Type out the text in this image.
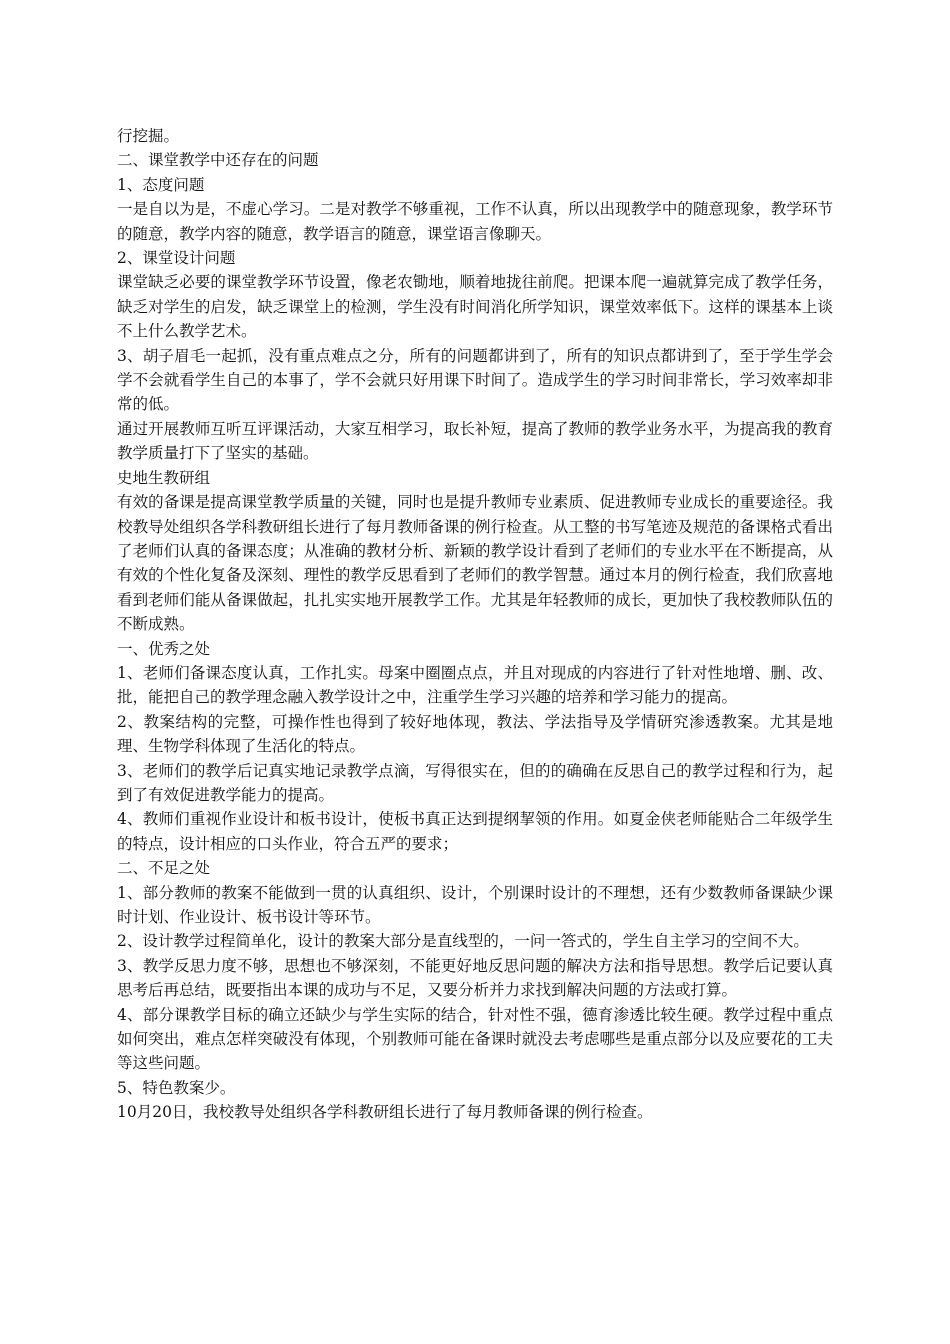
行挖掘。

二、课堂教学中还存在的问题

1、态度问题

一是自以为是，不虚心学习。二是对教学不够重视，工作不认真，所以出现教学中的随意现象，教学环节的随意，教学内容的随意，教学语言的随意，课堂语言像聊天。

2、课堂设计问题

课堂缺乏必要的课堂教学环节设置，像老农锄地，顺着地拢往前爬。把课本爬一遍就算完成了教学任务，缺乏对学生的启发，缺乏课堂上的检测，学生没有时间消化所学知识，课堂效率低下。这样的课基本上谈不上什么教学艺术。

3、胡子眉毛一起抓，没有重点难点之分，所有的问题都讲到了，所有的知识点都讲到了，至于学生学会学不会就看学生自己的本事了，学不会就只好用课下时间了。造成学生的学习时间非常长，学习效率却非常的低。

通过开展教师互听互评课活动，大家互相学习，取长补短，提高了教师的教学业务水平，为提高我的教育教学质量打下了坚实的基础。

史地生教研组

有效的备课是提高课堂教学质量的关键，同时也是提升教师专业素质、促进教师专业成长的重要途径。我校教导处组织各学科教研组长进行了每月教师备课的例行检查。从工整的书写笔迹及规范的备课格式看出了老师们认真的备课态度；从准确的教材分析、新颖的教学设计看到了老师们的专业水平在不断提高，从有效的个性化复备及深刻、理性的教学反思看到了老师们的教学智慧。通过本月的例行检查，我们欣喜地看到老师们能从备课做起，扎扎实实地开展教学工作。尤其是年轻教师的成长，更加快了我校教师队伍的不断成熟。

一、优秀之处

1、老师们备课态度认真，工作扎实。母案中圈圈点点，并且对现成的内容进行了针对性地增、删、改、批，能把自己的教学理念融入教学设计之中，注重学生学习兴趣的培养和学习能力的提高。

2、教案结构的完整，可操作性也得到了较好地体现，教法、学法指导及学情研究渗透教案。尤其是地理、生物学科体现了生活化的特点。

3、老师们的教学后记真实地记录教学点滴，写得很实在，但的的确确在反思自己的教学过程和行为，起到了有效促进教学能力的提高。

4、教师们重视作业设计和板书设计，使板书真正达到提纲挈领的作用。如夏金侠老师能贴合二年级学生的特点，设计相应的口头作业，符合五严的要求；

二、不足之处

1、部分教师的教案不能做到一贯的认真组织、设计，个别课时设计的不理想，还有少数教师备课缺少课时计划、作业设计、板书设计等环节。

2、设计教学过程简单化，设计的教案大部分是直线型的，一问一答式的，学生自主学习的空间不大。

3、教学反思力度不够，思想也不够深刻，不能更好地反思问题的解决方法和指导思想。教学后记要认真思考后再总结，既要指出本课的成功与不足，又要分析并力求找到解决问题的方法或打算。

4、部分课教学目标的确立还缺少与学生实际的结合，针对性不强，德育渗透比较生硬。教学过程中重点如何突出，难点怎样突破没有体现，个别教师可能在备课时就没去考虑哪些是重点部分以及应要花的工夫等这些问题。

5、特色教案少。

10月20日，我校教导处组织各学科教研组长进行了每月教师备课的例行检查。
